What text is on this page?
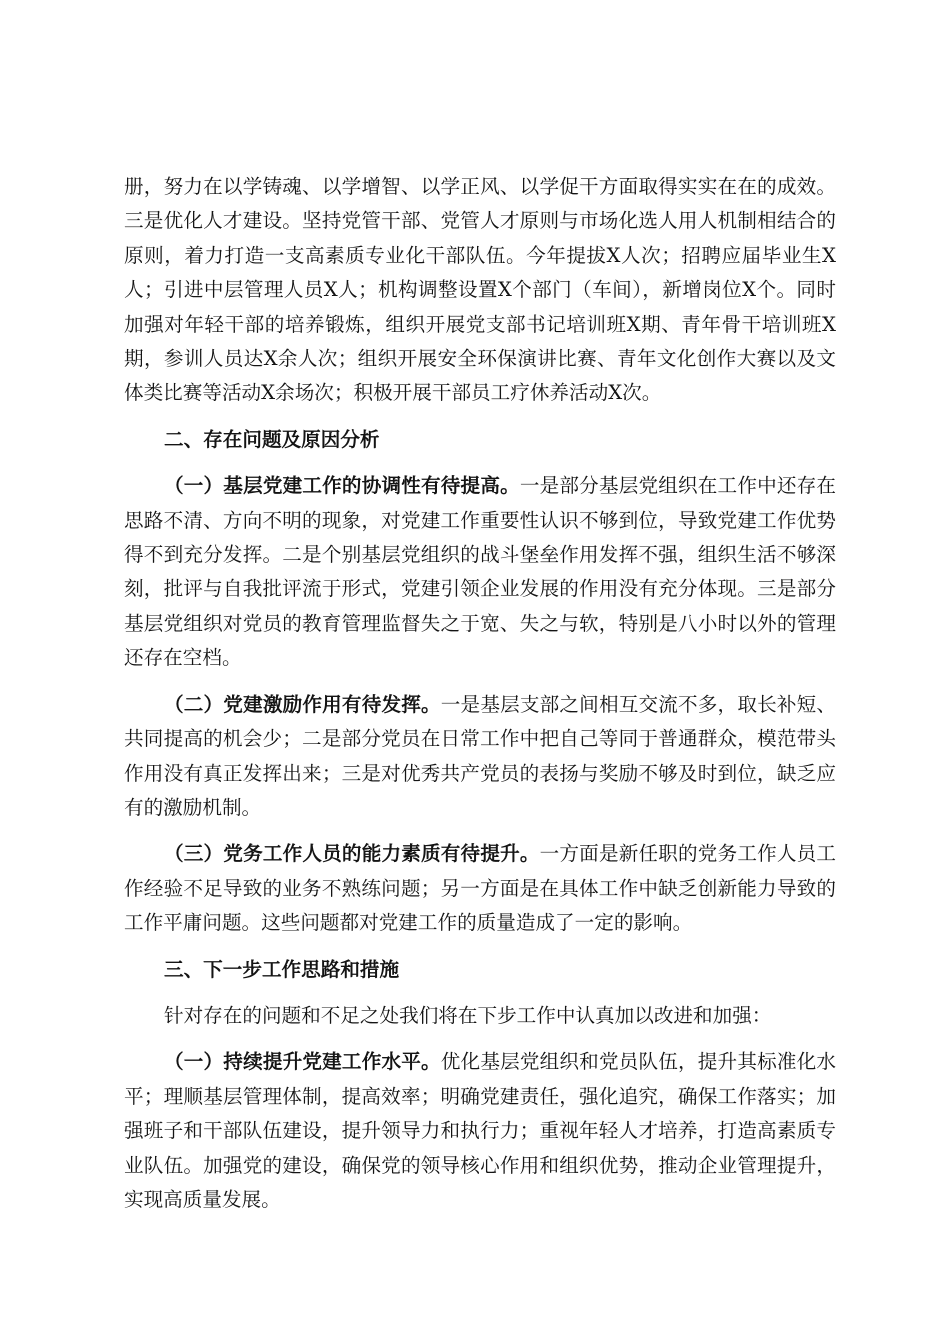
册，努力在以学铸魂、以学增智、以学正风、以学促干方面取得实实在在的成效。三是优化人才建设。坚持党管干部、党管人才原则与市场化选人用人机制相结合的原则，着力打造一支高素质专业化干部队伍。今年提拔X人次；招聘应届毕业生X人；引进中层管理人员X人；机构调整设置X个部门（车间），新增岗位X个。同时加强对年轻干部的培养锻炼，组织开展党支部书记培训班X期、青年骨干培训班X期，参训人员达X余人次；组织开展安全环保演讲比赛、青年文化创作大赛以及文体类比赛等活动X余场次；积极开展干部员工疗休养活动X次。

二、存在问题及原因分析

（一）基层党建工作的协调性有待提高。一是部分基层党组织在工作中还存在思路不清、方向不明的现象，对党建工作重要性认识不够到位，导致党建工作优势得不到充分发挥。二是个别基层党组织的战斗堡垒作用发挥不强，组织生活不够深刻，批评与自我批评流于形式，党建引领企业发展的作用没有充分体现。三是部分基层党组织对党员的教育管理监督失之于宽、失之与软，特别是八小时以外的管理还存在空档。

（二）党建激励作用有待发挥。一是基层支部之间相互交流不多，取长补短、共同提高的机会少；二是部分党员在日常工作中把自己等同于普通群众，模范带头作用没有真正发挥出来；三是对优秀共产党员的表扬与奖励不够及时到位，缺乏应有的激励机制。

（三）党务工作人员的能力素质有待提升。一方面是新任职的党务工作人员工作经验不足导致的业务不熟练问题；另一方面是在具体工作中缺乏创新能力导致的工作平庸问题。这些问题都对党建工作的质量造成了一定的影响。

三、下一步工作思路和措施

针对存在的问题和不足之处我们将在下步工作中认真加以改进和加强：

（一）持续提升党建工作水平。优化基层党组织和党员队伍，提升其标准化水平；理顺基层管理体制，提高效率；明确党建责任，强化追究，确保工作落实；加强班子和干部队伍建设，提升领导力和执行力；重视年轻人才培养，打造高素质专业队伍。加强党的建设，确保党的领导核心作用和组织优势，推动企业管理提升，实现高质量发展。
